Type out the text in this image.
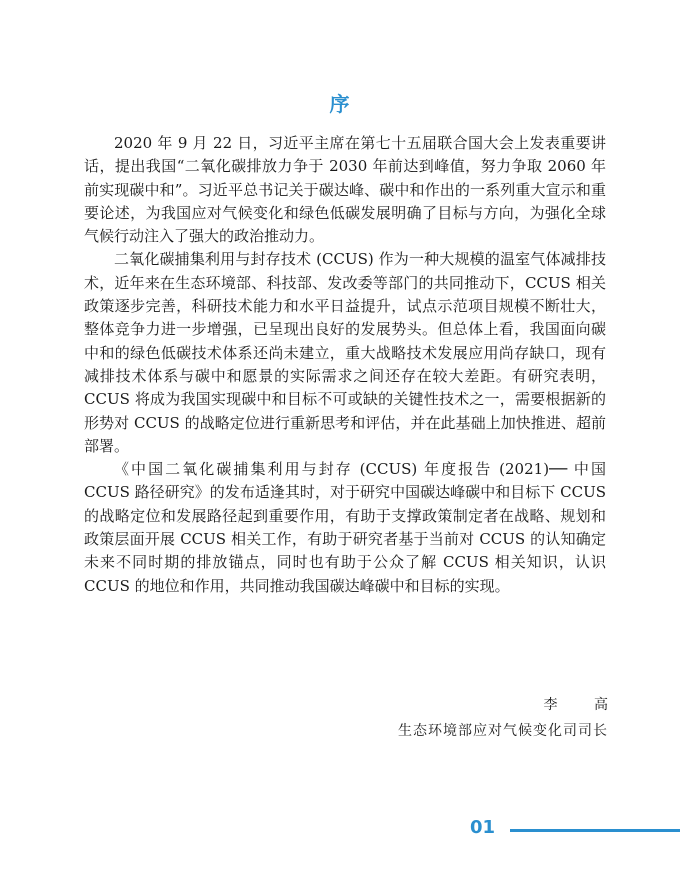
序

2020 年 9 月 22 日，习近平主席在第七十五届联合国大会上发表重要讲话，提出我国“二氧化碳排放力争于 2030 年前达到峰值，努力争取 2060 年前实现碳中和”。习近平总书记关于碳达峰、碳中和作出的一系列重大宣示和重要论述，为我国应对气候变化和绿色低碳发展明确了目标与方向，为强化全球气候行动注入了强大的政治推动力。

二氧化碳捕集利用与封存技术 (CCUS) 作为一种大规模的温室气体减排技术，近年来在生态环境部、科技部、发改委等部门的共同推动下，CCUS 相关政策逐步完善，科研技术能力和水平日益提升，试点示范项目规模不断壮大，整体竞争力进一步增强，已呈现出良好的发展势头。但总体上看，我国面向碳中和的绿色低碳技术体系还尚未建立，重大战略技术发展应用尚存缺口，现有减排技术体系与碳中和愿景的实际需求之间还存在较大差距。有研究表明，CCUS 将成为我国实现碳中和目标不可或缺的关键性技术之一，需要根据新的形势对 CCUS 的战略定位进行重新思考和评估，并在此基础上加快推进、超前部署。

《中国二氧化碳捕集利用与封存 (CCUS) 年度报告 (2021)── 中国 CCUS 路径研究》的发布适逢其时，对于研究中国碳达峰碳中和目标下 CCUS 的战略定位和发展路径起到重要作用，有助于支撑政策制定者在战略、规划和政策层面开展 CCUS 相关工作，有助于研究者基于当前对 CCUS 的认知确定未来不同时期的排放锚点，同时也有助于公众了解 CCUS 相关知识，认识 CCUS 的地位和作用，共同推动我国碳达峰碳中和目标的实现。

李 高
生态环境部应对气候变化司司长
01
